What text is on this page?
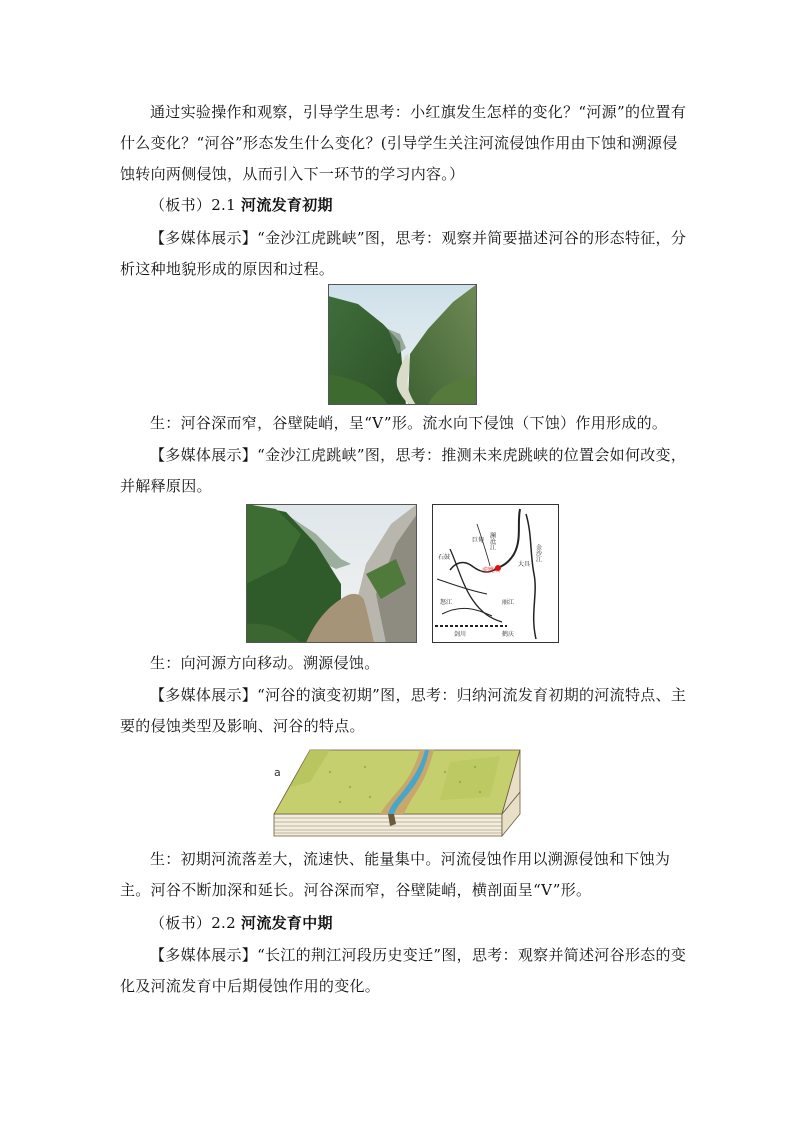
通过实验操作和观察，引导学生思考：小红旗发生怎样的变化？“河源”的位置有什么变化？“河谷”形态发生什么变化？(引导学生关注河流侵蚀作用由下蚀和溯源侵蚀转向两侧侵蚀，从而引入下一环节的学习内容。）

（板书）2.1 河流发育初期

【多媒体展示】“金沙江虎跳峡”图，思考：观察并简要描述河谷的形态特征，分析这种地貌形成的原因和过程。

生：河谷深而窄，谷壁陡峭，呈“V”形。流水向下侵蚀（下蚀）作用形成的。

【多媒体展示】“金沙江虎跳峡”图，思考：推测未来虎跳峡的位置会如何改变，并解释原因。

虎跳峡
石鼓
丽江
大具
巨甸
剑川	鹤庆
金沙江
怒江
澜沧江

生：向河源方向移动。溯源侵蚀。

【多媒体展示】“河谷的演变初期”图，思考：归纳河流发育初期的河流特点、主要的侵蚀类型及影响、河谷的特点。

a

生：初期河流落差大，流速快、能量集中。河流侵蚀作用以溯源侵蚀和下蚀为主。河谷不断加深和延长。河谷深而窄，谷壁陡峭，横剖面呈“V”形。

（板书）2.2 河流发育中期

【多媒体展示】“长江的荆江河段历史变迁”图，思考：观察并简述河谷形态的变化及河流发育中后期侵蚀作用的变化。
